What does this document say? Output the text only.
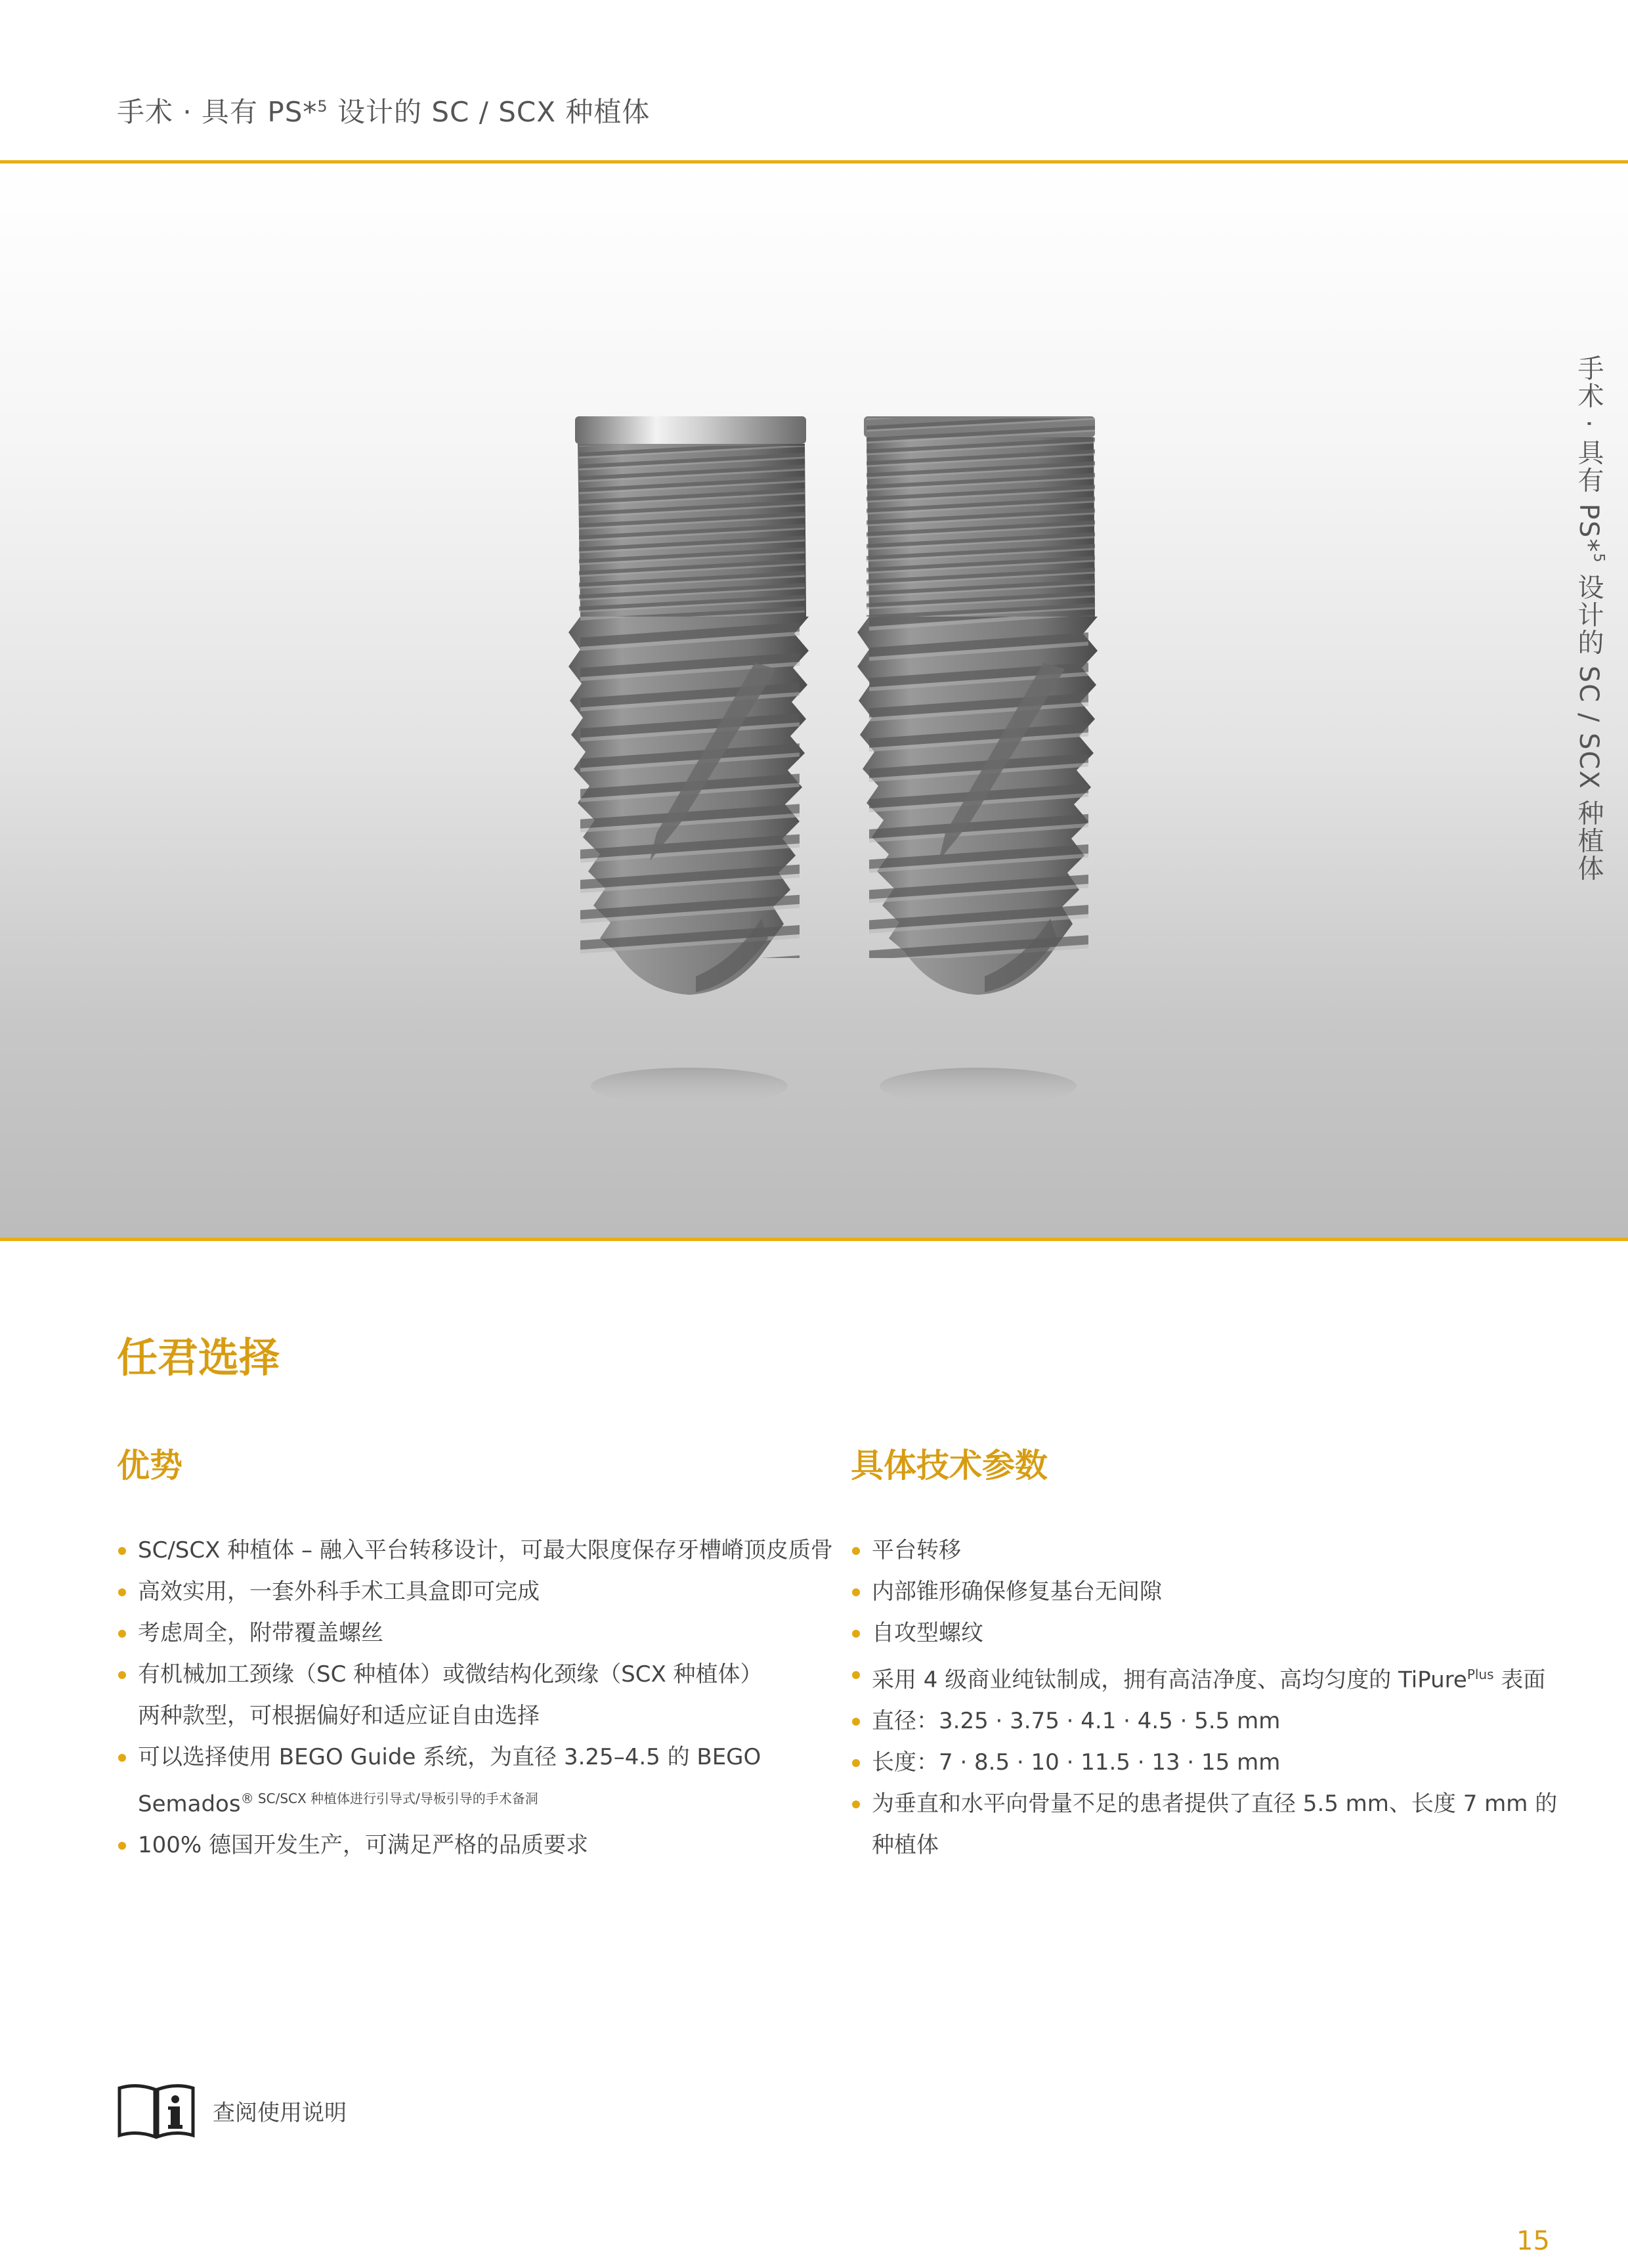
手术 · 具有 PS*$^5$ 设计的 SC / SCX 种植体
手术 · 具有 PS*$^5$ 设计的 SC / SCX 种植体
任君选择
优势	具体技术参数
SC/SCX 种植体 – 融入平台转移设计，可最大限度保存牙槽嵴顶皮质骨
高效实用，一套外科手术工具盒即可完成
考虑周全，附带覆盖螺丝
有机械加工颈缘（SC 种植体）或微结构化颈缘（SCX 种植体）
两种款型，可根据偏好和适应证自由选择
可以选择使用 BEGO Guide 系统，为直径 3.25–4.5 的 BEGO
Semados$^{® SC/SCX 种植体进行引导式/导板引导的手术备洞}$
100% 德国开发生产，可满足严格的品质要求
平台转移
内部锥形确保修复基台无间隙
自攻型螺纹
采用 4 级商业纯钛制成，拥有高洁净度、高均匀度的 TiPure$^{Plus}$ 表面
直径：3.25 · 3.75 · 4.1 · 4.5 · 5.5 mm
长度：7 · 8.5 · 10 · 11.5 · 13 · 15 mm
为垂直和水平向骨量不足的患者提供了直径 5.5 mm、长度 7 mm 的
种植体
查阅使用说明
15
